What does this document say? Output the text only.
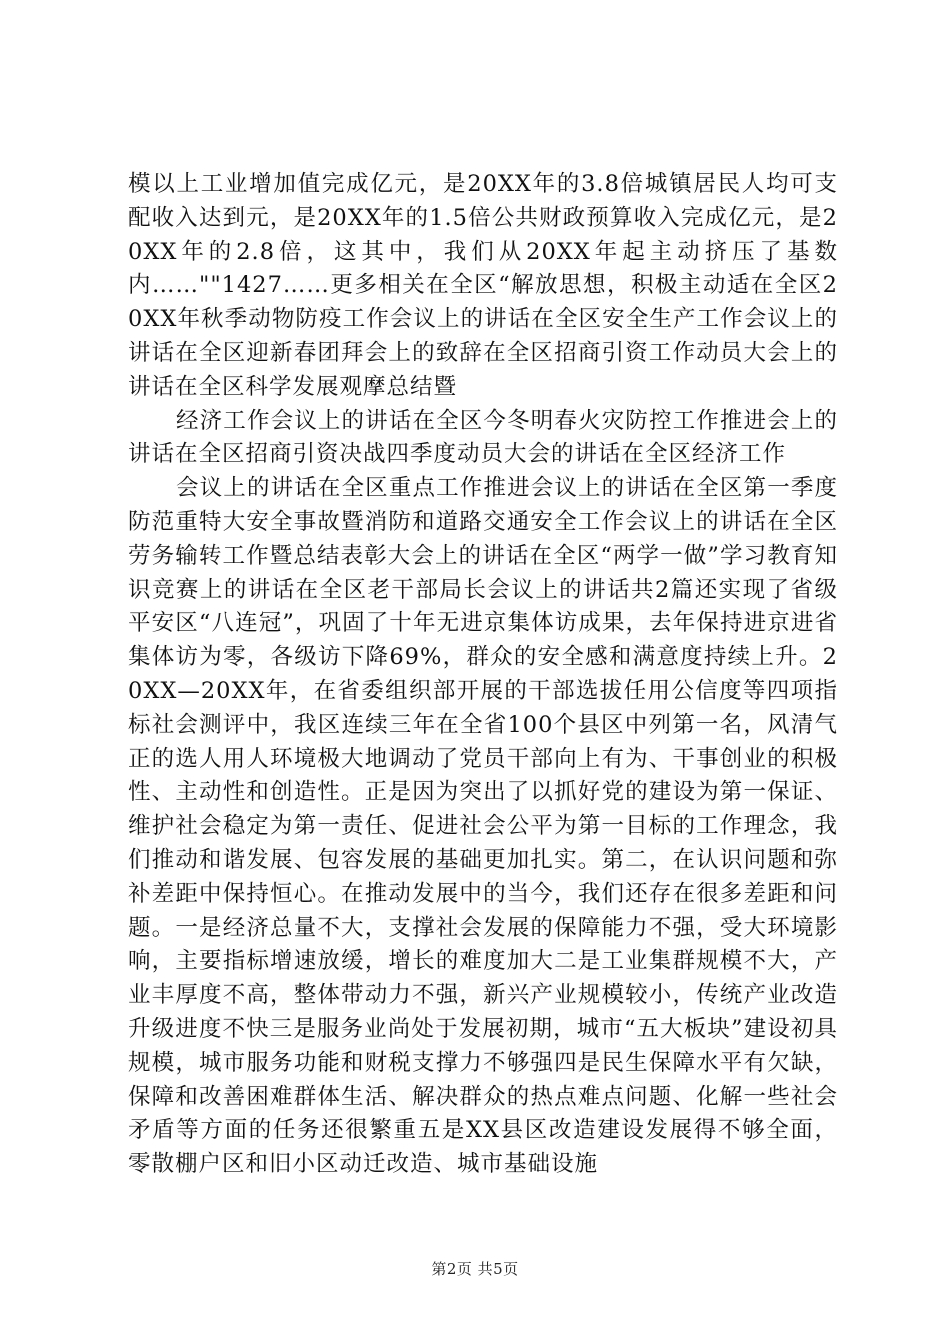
模以上工业增加值完成亿元，是20XX年的3.8倍城镇居民人均可支配收入达到元，是20XX年的1.5倍公共财政预算收入完成亿元，是20XX年的2.8倍，这其中，我们从20XX年起主动挤压了基数内……""1427……更多相关在全区“解放思想，积极主动适在全区20XX年秋季动物防疫工作会议上的讲话在全区安全生产工作会议上的讲话在全区迎新春团拜会上的致辞在全区招商引资工作动员大会上的讲话在全区科学发展观摩总结暨

经济工作会议上的讲话在全区今冬明春火灾防控工作推进会上的讲话在全区招商引资决战四季度动员大会的讲话在全区经济工作

会议上的讲话在全区重点工作推进会议上的讲话在全区第一季度防范重特大安全事故暨消防和道路交通安全工作会议上的讲话在全区劳务输转工作暨总结表彰大会上的讲话在全区“两学一做”学习教育知识竞赛上的讲话在全区老干部局长会议上的讲话共2篇还实现了省级平安区“八连冠”，巩固了十年无进京集体访成果，去年保持进京进省集体访为零，各级访下降69%，群众的安全感和满意度持续上升。20XX—20XX年，在省委组织部开展的干部选拔任用公信度等四项指标社会测评中，我区连续三年在全省100个县区中列第一名，风清气正的选人用人环境极大地调动了党员干部向上有为、干事创业的积极性、主动性和创造性。正是因为突出了以抓好党的建设为第一保证、维护社会稳定为第一责任、促进社会公平为第一目标的工作理念，我们推动和谐发展、包容发展的基础更加扎实。第二，在认识问题和弥补差距中保持恒心。在推动发展中的当今，我们还存在很多差距和问题。一是经济总量不大，支撑社会发展的保障能力不强，受大环境影响，主要指标增速放缓，增长的难度加大二是工业集群规模不大，产业丰厚度不高，整体带动力不强，新兴产业规模较小，传统产业改造升级进度不快三是服务业尚处于发展初期，城市“五大板块”建设初具规模，城市服务功能和财税支撑力不够强四是民生保障水平有欠缺，保障和改善困难群体生活、解决群众的热点难点问题、化解一些社会矛盾等方面的任务还很繁重五是XX县区改造建设发展得不够全面，零散棚户区和旧小区动迁改造、城市基础设施

第2页 共5页
